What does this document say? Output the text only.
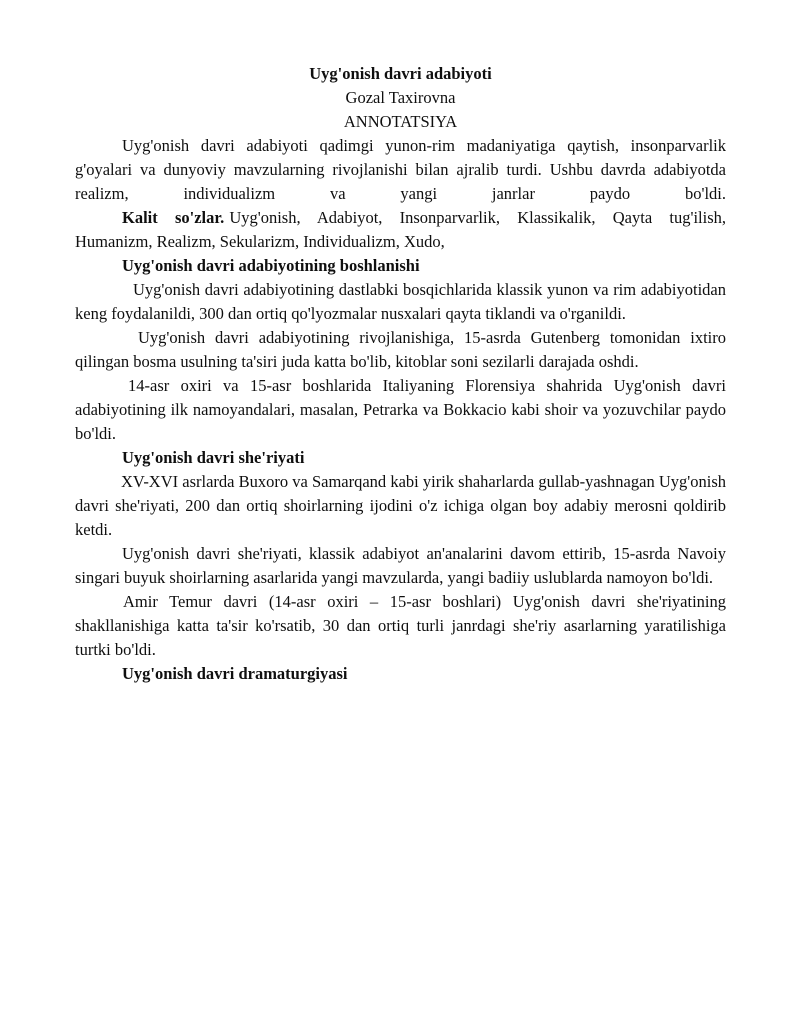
Uyg'onish davri adabiyoti

Gozal Taxirovna

ANNOTATSIYA

Uyg'onish davri adabiyoti qadimgi yunon-rim madaniyatiga qaytish, insonparvarlik g'oyalari va dunyoviy mavzularning rivojlanishi bilan ajralib turdi. Ushbu davrda adabiyotda realizm, individualizm va yangi janrlar paydo bo'ldi.

Kalit so'zlar. Uyg'onish, Adabiyot, Insonparvarlik, Klassikalik, Qayta tug'ilish, Humanizm, Realizm, Sekularizm, Individualizm, Xudo,

Uyg'onish davri adabiyotining boshlanishi

Uyg'onish davri adabiyotining dastlabki bosqichlarida klassik yunon va rim adabiyotidan keng foydalanildi, 300 dan ortiq qo'lyozmalar nusxalari qayta tiklandi va o'rganildi.

Uyg'onish davri adabiyotining rivojlanishiga, 15-asrda Gutenberg tomonidan ixtiro qilingan bosma usulning ta'siri juda katta bo'lib, kitoblar soni sezilarli darajada oshdi.

14-asr oxiri va 15-asr boshlarida Italiyaning Florensiya shahrida Uyg'onish davri adabiyotining ilk namoyandalari, masalan, Petrarka va Bokkacio kabi shoir va yozuvchilar paydo bo'ldi.

Uyg'onish davri she'riyati

XV-XVI asrlarda Buxoro va Samarqand kabi yirik shaharlarda gullab-yashnagan Uyg'onish davri she'riyati, 200 dan ortiq shoirlarning ijodini o'z ichiga olgan boy adabiy merosni qoldirib ketdi.

Uyg'onish davri she'riyati, klassik adabiyot an'analarini davom ettirib, 15-asrda Navoiy singari buyuk shoirlarning asarlarida yangi mavzularda, yangi badiiy uslublarda namoyon bo'ldi.

Amir Temur davri (14-asr oxiri – 15-asr boshlari) Uyg'onish davri she'riyatining shakllanishiga katta ta'sir ko'rsatib, 30 dan ortiq turli janrdagi she'riy asarlarning yaratilishiga turtki bo'ldi.

Uyg'onish davri dramaturgiyasi
